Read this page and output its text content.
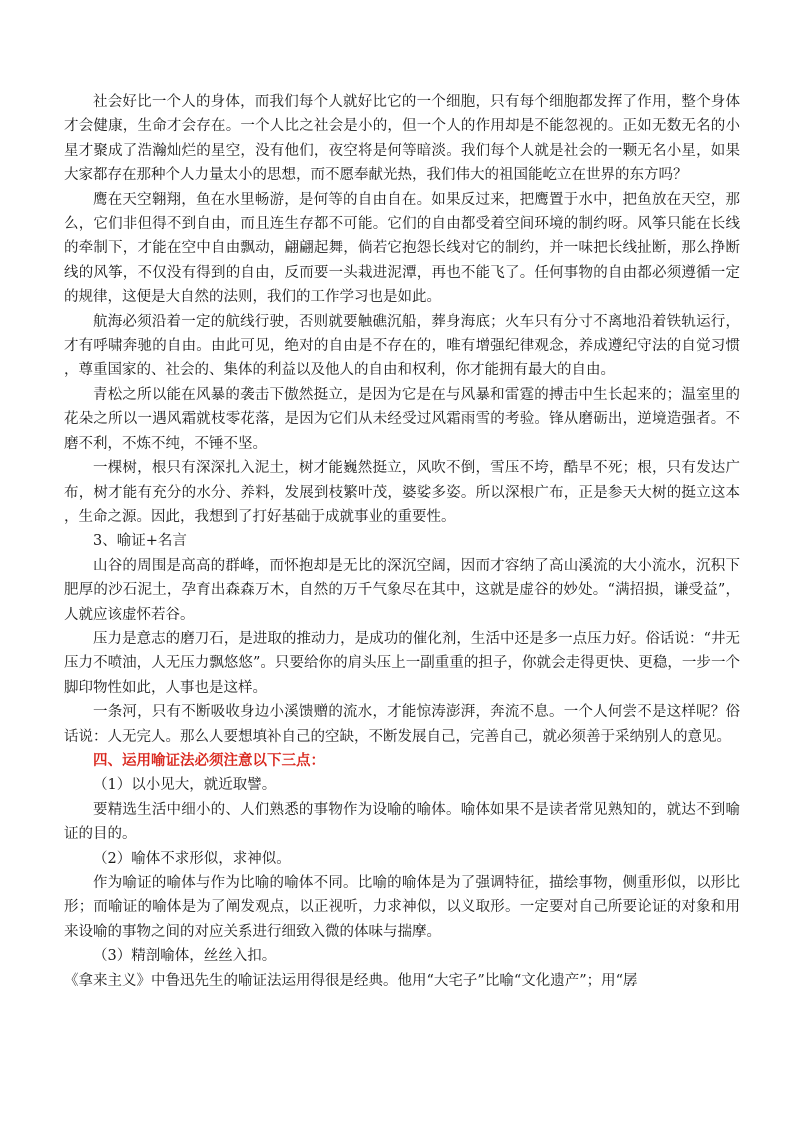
社会好比一个人的身体，而我们每个人就好比它的一个细胞，只有每个细胞都发挥了作用，整个身体才会健康，生命才会存在。一个人比之社会是小的，但一个人的作用却是不能忽视的。正如无数无名的小星才聚成了浩瀚灿烂的星空，没有他们，夜空将是何等暗淡。我们每个人就是社会的一颗无名小星，如果大家都存在那种个人力量太小的思想，而不愿奉献光热，我们伟大的祖国能屹立在世界的东方吗？

鹰在天空翱翔，鱼在水里畅游，是何等的自由自在。如果反过来，把鹰置于水中，把鱼放在天空，那么，它们非但得不到自由，而且连生存都不可能。它们的自由都受着空间环境的制约呀。风筝只能在长线的牵制下，才能在空中自由飘动，翩翩起舞，倘若它抱怨长线对它的制约，并一味把长线扯断，那么挣断线的风筝，不仅没有得到的自由，反而要一头栽进泥潭，再也不能飞了。任何事物的自由都必须遵循一定的规律，这便是大自然的法则，我们的工作学习也是如此。

航海必须沿着一定的航线行驶，否则就要触礁沉船，葬身海底；火车只有分寸不离地沿着铁轨运行，才有呼啸奔驰的自由。由此可见，绝对的自由是不存在的，唯有增强纪律观念，养成遵纪守法的自觉习惯，尊重国家的、社会的、集体的利益以及他人的自由和权利，你才能拥有最大的自由。

青松之所以能在风暴的袭击下傲然挺立，是因为它是在与风暴和雷霆的搏击中生长起来的；温室里的花朵之所以一遇风霜就枝零花落，是因为它们从未经受过风霜雨雪的考验。锋从磨砺出，逆境造强者。不磨不利，不炼不纯，不锤不坚。

一棵树，根只有深深扎入泥土，树才能巍然挺立，风吹不倒，雪压不垮，酷旱不死；根，只有发达广布，树才能有充分的水分、养料，发展到枝繁叶茂，婆娑多姿。所以深根广布，正是参天大树的挺立这本，生命之源。因此，我想到了打好基础于成就事业的重要性。

3、喻证+名言

山谷的周围是高高的群峰，而怀抱却是无比的深沉空阔，因而才容纳了高山溪流的大小流水，沉积下肥厚的沙石泥土，孕育出森森万木，自然的万千气象尽在其中，这就是虚谷的妙处。“满招损，谦受益”，人就应该虚怀若谷。

压力是意志的磨刀石，是进取的推动力，是成功的催化剂，生活中还是多一点压力好。俗话说：“井无压力不喷油，人无压力飘悠悠”。只要给你的肩头压上一副重重的担子，你就会走得更快、更稳，一步一个脚印物性如此，人事也是这样。

一条河，只有不断吸收身边小溪馈赠的流水，才能惊涛澎湃，奔流不息。一个人何尝不是这样呢？俗话说：人无完人。那么人要想填补自己的空缺，不断发展自己，完善自己，就必须善于采纳别人的意见。

四、运用喻证法必须注意以下三点：

（1）以小见大，就近取譬。

要精选生活中细小的、人们熟悉的事物作为设喻的喻体。喻体如果不是读者常见熟知的，就达不到喻证的目的。

（2）喻体不求形似，求神似。

作为喻证的喻体与作为比喻的喻体不同。比喻的喻体是为了强调特征，描绘事物，侧重形似，以形比形；而喻证的喻体是为了阐发观点，以正视听，力求神似，以义取形。一定要对自己所要论证的对象和用来设喻的事物之间的对应关系进行细致入微的体味与揣摩。

（3）精剖喻体，丝丝入扣。

《拿来主义》中鲁迅先生的喻证法运用得很是经典。他用“大宅子”比喻“文化遗产”；用“孱
